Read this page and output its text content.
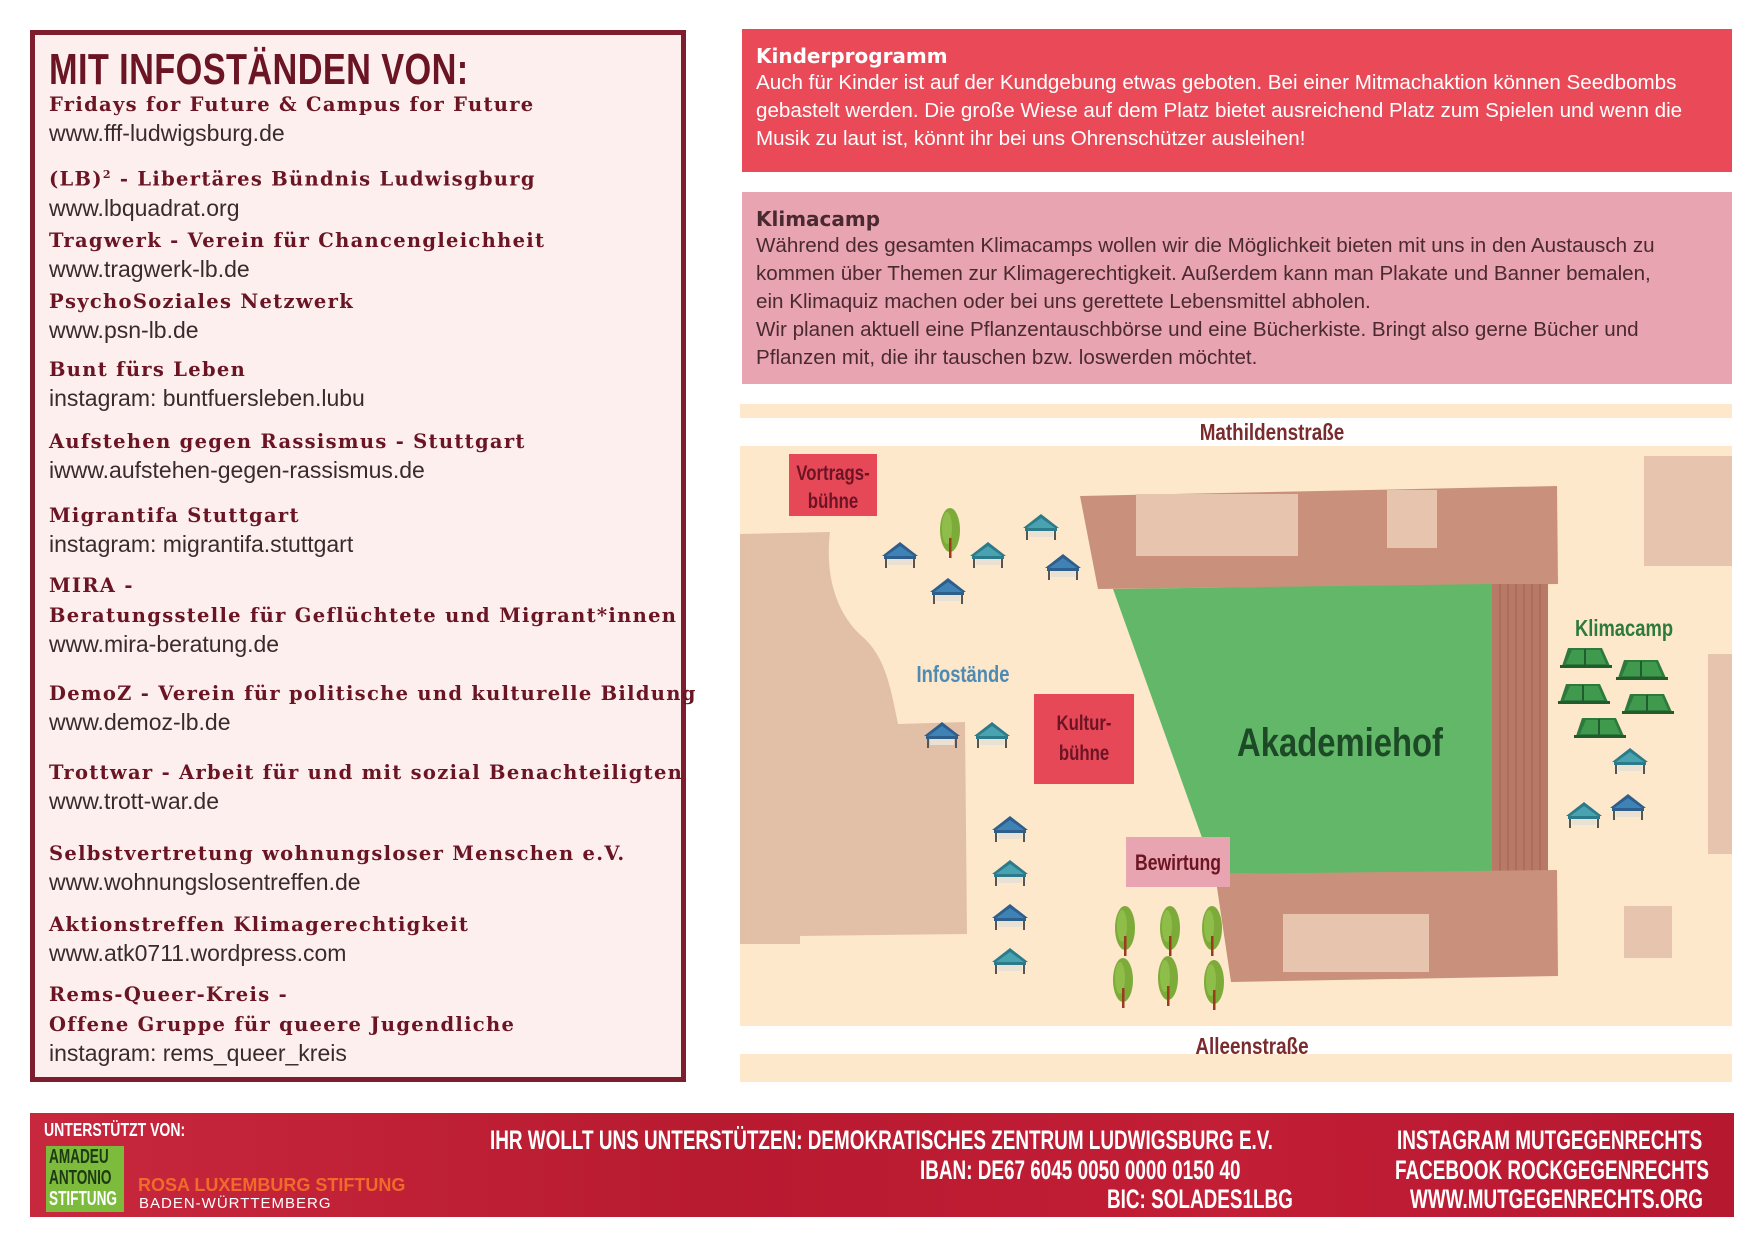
MIT INFOSTÄNDEN VON:
Fridays for Future & Campus for Future
www.fff-ludwigsburg.de
(LB)$^2$ - Libertäres Bündnis Ludwisgburg
www.lbquadrat.org
Tragwerk - Verein für Chancengleichheit
www.tragwerk-lb.de
PsychoSoziales Netzwerk
www.psn-lb.de
Bunt fürs Leben
instagram: buntfuersleben.lubu
Aufstehen gegen Rassismus - Stuttgart
iwww.aufstehen-gegen-rassismus.de
Migrantifa Stuttgart
instagram: migrantifa.stuttgart
MIRA -
Beratungsstelle für Geflüchtete und Migrant*innen
www.mira-beratung.de
DemoZ - Verein für politische und kulturelle Bildung
www.demoz-lb.de
Trottwar - Arbeit für und mit sozial Benachteiligten
www.trott-war.de
Selbstvertretung wohnungsloser Menschen e.V.
www.wohnungslosentreffen.de
Aktionstreffen Klimagerechtigkeit
www.atk0711.wordpress.com
Rems-Queer-Kreis -
Offene Gruppe für queere Jugendliche
instagram: rems_queer_kreis
Kinderprogramm
Auch für Kinder ist auf der Kundgebung etwas geboten. Bei einer Mitmachaktion können Seedbombs
gebastelt werden. Die große Wiese auf dem Platz bietet ausreichend Platz zum Spielen und wenn die
Musik zu laut ist, könnt ihr bei uns Ohrenschützer ausleihen!
Klimacamp
Während des gesamten Klimacamps wollen wir die Möglichkeit bieten mit uns in den Austausch zu
kommen über Themen zur Klimagerechtigkeit. Außerdem kann man Plakate und Banner bemalen,
ein Klimaquiz machen oder bei uns gerettete Lebensmittel abholen.
Wir planen aktuell eine Pflanzentauschbörse und eine Bücherkiste. Bringt also gerne Bücher und
Pflanzen mit, die ihr tauschen bzw. loswerden möchtet.
Mathildenstraße
Alleenstraße
Vortrags-
bühne
Kultur-
bühne
Bewirtung
Infostände
Klimacamp
Akademiehof
UNTERSTÜTZT VON:
AMADEU
ANTONIO
STIFTUNG
ROSA LUXEMBURG STIFTUNG
BADEN-WÜRTTEMBERG
IHR WOLLT UNS UNTERSTÜTZEN: DEMOKRATISCHES ZENTRUM LUDWIGSBURG E.V.
IBAN: DE67 6045 0050 0000 0150 40
BIC: SOLADES1LBG
INSTAGRAM MUTGEGENRECHTS
FACEBOOK ROCKGEGENRECHTS
WWW.MUTGEGENRECHTS.ORG
